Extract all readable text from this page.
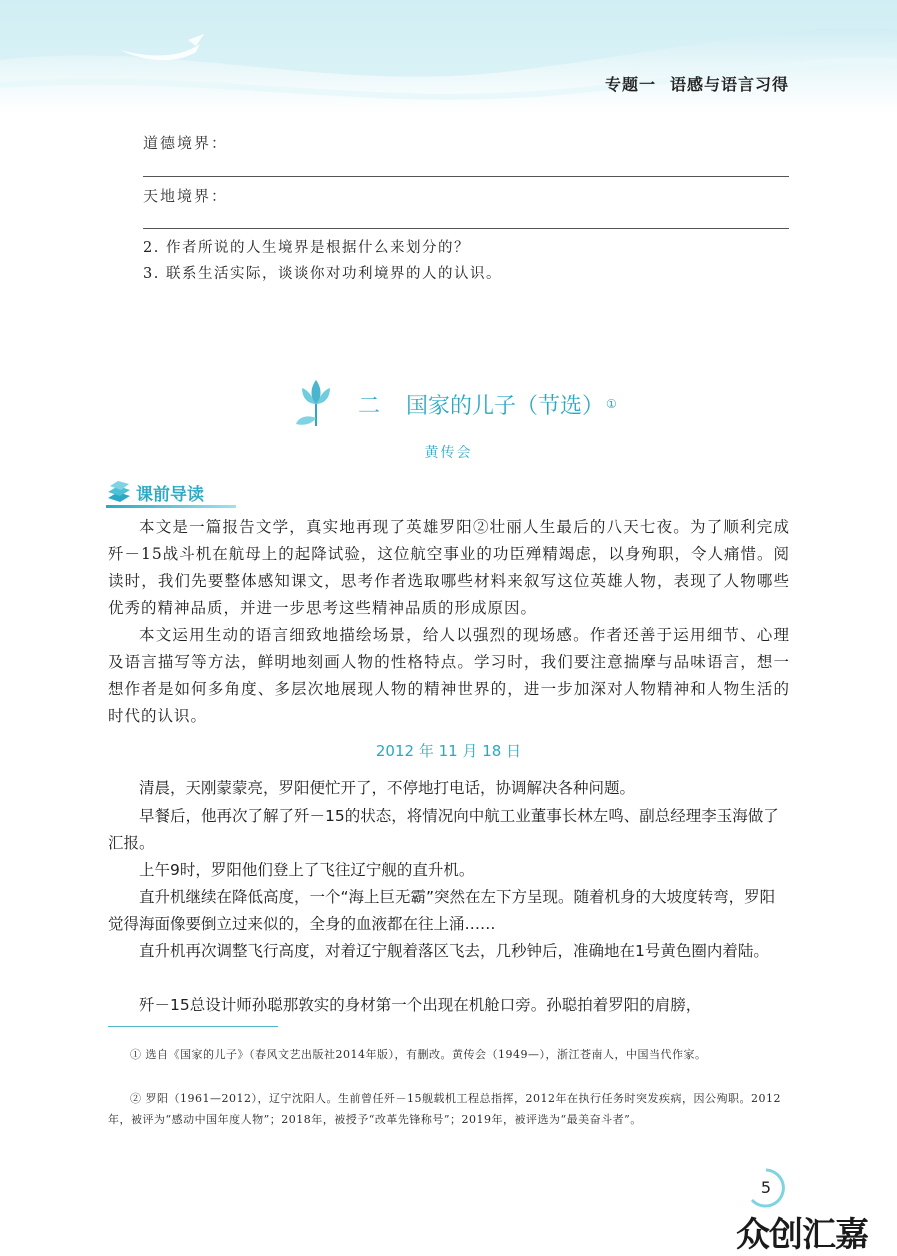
专题一 语感与语言习得
道德境界：
天地境界：
2. 作者所说的人生境界是根据什么来划分的？
3. 联系生活实际，谈谈你对功利境界的人的认识。
二 国家的儿子（节选） ①
黄传会
课前导读

本文是一篇报告文学，真实地再现了英雄罗阳②壮丽人生最后的八天七夜。为了顺利完成歼－15战斗机在航母上的起降试验，这位航空事业的功臣殚精竭虑，以身殉职，令人痛惜。阅读时，我们先要整体感知课文，思考作者选取哪些材料来叙写这位英雄人物，表现了人物哪些优秀的精神品质，并进一步思考这些精神品质的形成原因。

本文运用生动的语言细致地描绘场景，给人以强烈的现场感。作者还善于运用细节、心理及语言描写等方法，鲜明地刻画人物的性格特点。学习时，我们要注意揣摩与品味语言，想一想作者是如何多角度、多层次地展现人物的精神世界的，进一步加深对人物精神和人物生活的时代的认识。

2012 年 11 月 18 日

清晨，天刚蒙蒙亮，罗阳便忙开了，不停地打电话，协调解决各种问题。

早餐后，他再次了解了歼－15的状态，将情况向中航工业董事长林左鸣、副总经理李玉海做了汇报。

上午9时，罗阳他们登上了飞往辽宁舰的直升机。

直升机继续在降低高度，一个“海上巨无霸”突然在左下方呈现。随着机身的大坡度转弯，罗阳觉得海面像要倒立过来似的，全身的血液都在往上涌……

直升机再次调整飞行高度，对着辽宁舰着落区飞去，几秒钟后，准确地在1号黄色圈内着陆。

歼－15总设计师孙聪那敦实的身材第一个出现在机舱口旁。孙聪拍着罗阳的肩膀，

① 选自《国家的儿子》（春风文艺出版社2014年版），有删改。黄传会（1949—），浙江苍南人，中国当代作家。

② 罗阳（1961—2012），辽宁沈阳人。生前曾任歼－15舰载机工程总指挥，2012年在执行任务时突发疾病，因公殉职。2012年，被评为“感动中国年度人物”；2018年，被授予“改革先锋称号”；2019年，被评选为“最美奋斗者”。

5
众创汇嘉
